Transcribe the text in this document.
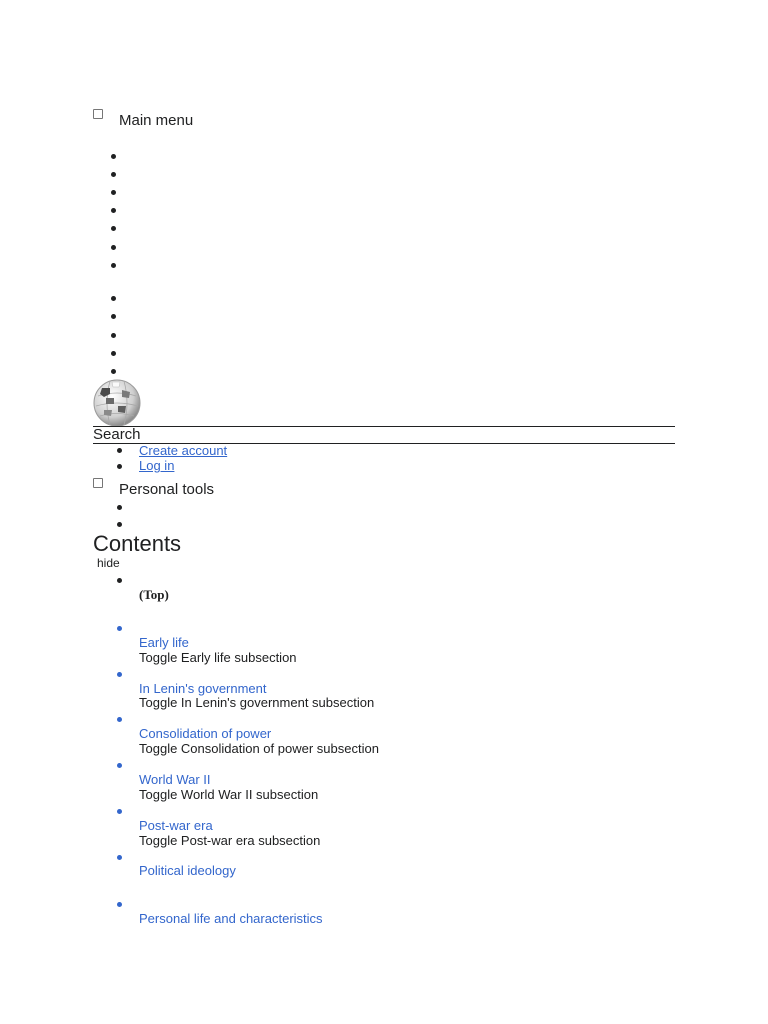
Main menu
Search
Create account
Log in
Personal tools
Contents
hide
(Top)
Early life
Toggle Early life subsection
In Lenin's government
Toggle In Lenin's government subsection
Consolidation of power
Toggle Consolidation of power subsection
World War II
Toggle World War II subsection
Post-war era
Toggle Post-war era subsection
Political ideology
Personal life and characteristics
